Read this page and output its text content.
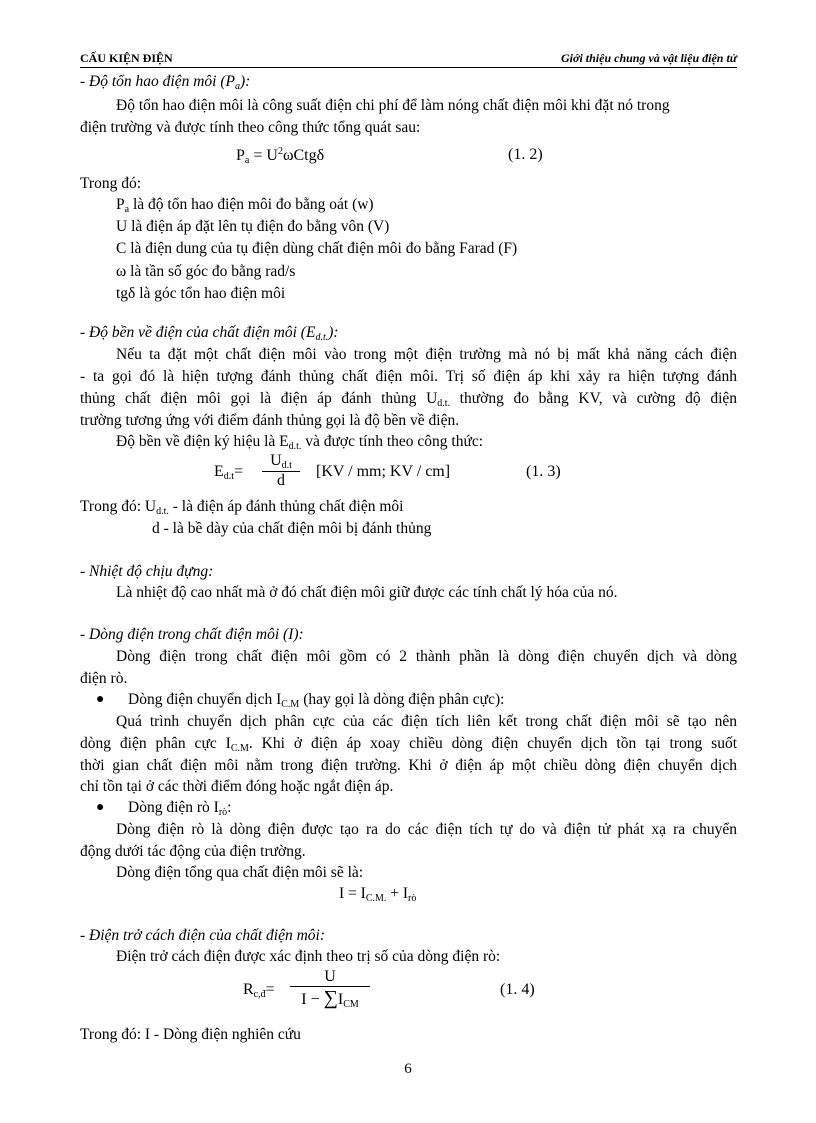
CẤU KIỆN ĐIỆN	Giới thiệu chung và vật liệu điện tử
- Độ tổn hao điện môi $(P_a)$:
Độ tổn hao điện môi là công suất điện chi phí để làm nóng chất điện môi khi đặt nó trong
điện trường và được tính theo công thức tổng quát sau:
$P_a = U^2\omega Ctg\delta$	(1. 2)
Trong đó:
$P_a$ là độ tổn hao điện môi đo bằng oát (w)
U là điện áp đặt lên tụ điện đo bằng vôn (V)
C là điện dung của tụ điện dùng chất điện môi đo bằng Farad (F)
ω là tần số góc đo bằng rad/s
tgδ là góc tổn hao điện môi
- Độ bền về điện của chất điện môi $(E_{d.t.})$:
Nếu ta đặt một chất điện môi vào trong một điện trường mà nó bị mất khả năng cách điện
- ta gọi đó là hiện tượng đánh thủng chất điện môi. Trị số điện áp khi xảy ra hiện tượng đánh
thủng chất điện môi gọi là điện áp đánh thủng $U_{d.t.}$ thường đo bằng KV, và cường độ điện
trường tương ứng với điểm đánh thủng gọi là độ bền về điện.
Độ bền về điện ký hiệu là $E_{d.t.}$ và được tính theo công thức:
$E_{d.t}= \frac{U_{d.t}}{d} [KV$ / mm; KV / cm]	(1. 3)
Trong đó: $U_{d.t.}$ - là điện áp đánh thủng chất điện môi
d - là bề dày của chất điện môi bị đánh thủng
- Nhiệt độ chịu đựng:
Là nhiệt độ cao nhất mà ở đó chất điện môi giữ được các tính chất lý hóa của nó.
- Dòng điện trong chất điện môi (I):
Dòng điện trong chất điện môi gồm có 2 thành phần là dòng điện chuyển dịch và dòng
điện rò.
● Dòng điện chuyển dịch $I_{C.M}$ (hay gọi là dòng điện phân cực):
Quá trình chuyển dịch phân cực của các điện tích liên kết trong chất điện môi sẽ tạo nên
dòng điện phân cực $I_{C.M}$. Khi ở điện áp xoay chiều dòng điện chuyển dịch tồn tại trong suốt
thời gian chất điện môi nằm trong điện trường. Khi ở điện áp một chiều dòng điện chuyển dịch
chỉ tồn tại ở các thời điểm đóng hoặc ngắt điện áp.
● Dòng điện rò $I_{rò}$:
Dòng điện rò là dòng điện được tạo ra do các điện tích tự do và điện tử phát xạ ra chuyển
động dưới tác động của điện trường.
Dòng điện tổng qua chất điện môi sẽ là:
$I = I_{C.M.} + I_{rò}$
- Điện trở cách điện của chất điện môi:
Điện trở cách điện được xác định theo trị số của dòng điện rò:
$R_{c,đ}=$
U
$I - \sum I_{CM}$
(1. 4)
Trong đó: I - Dòng điện nghiên cứu
6
